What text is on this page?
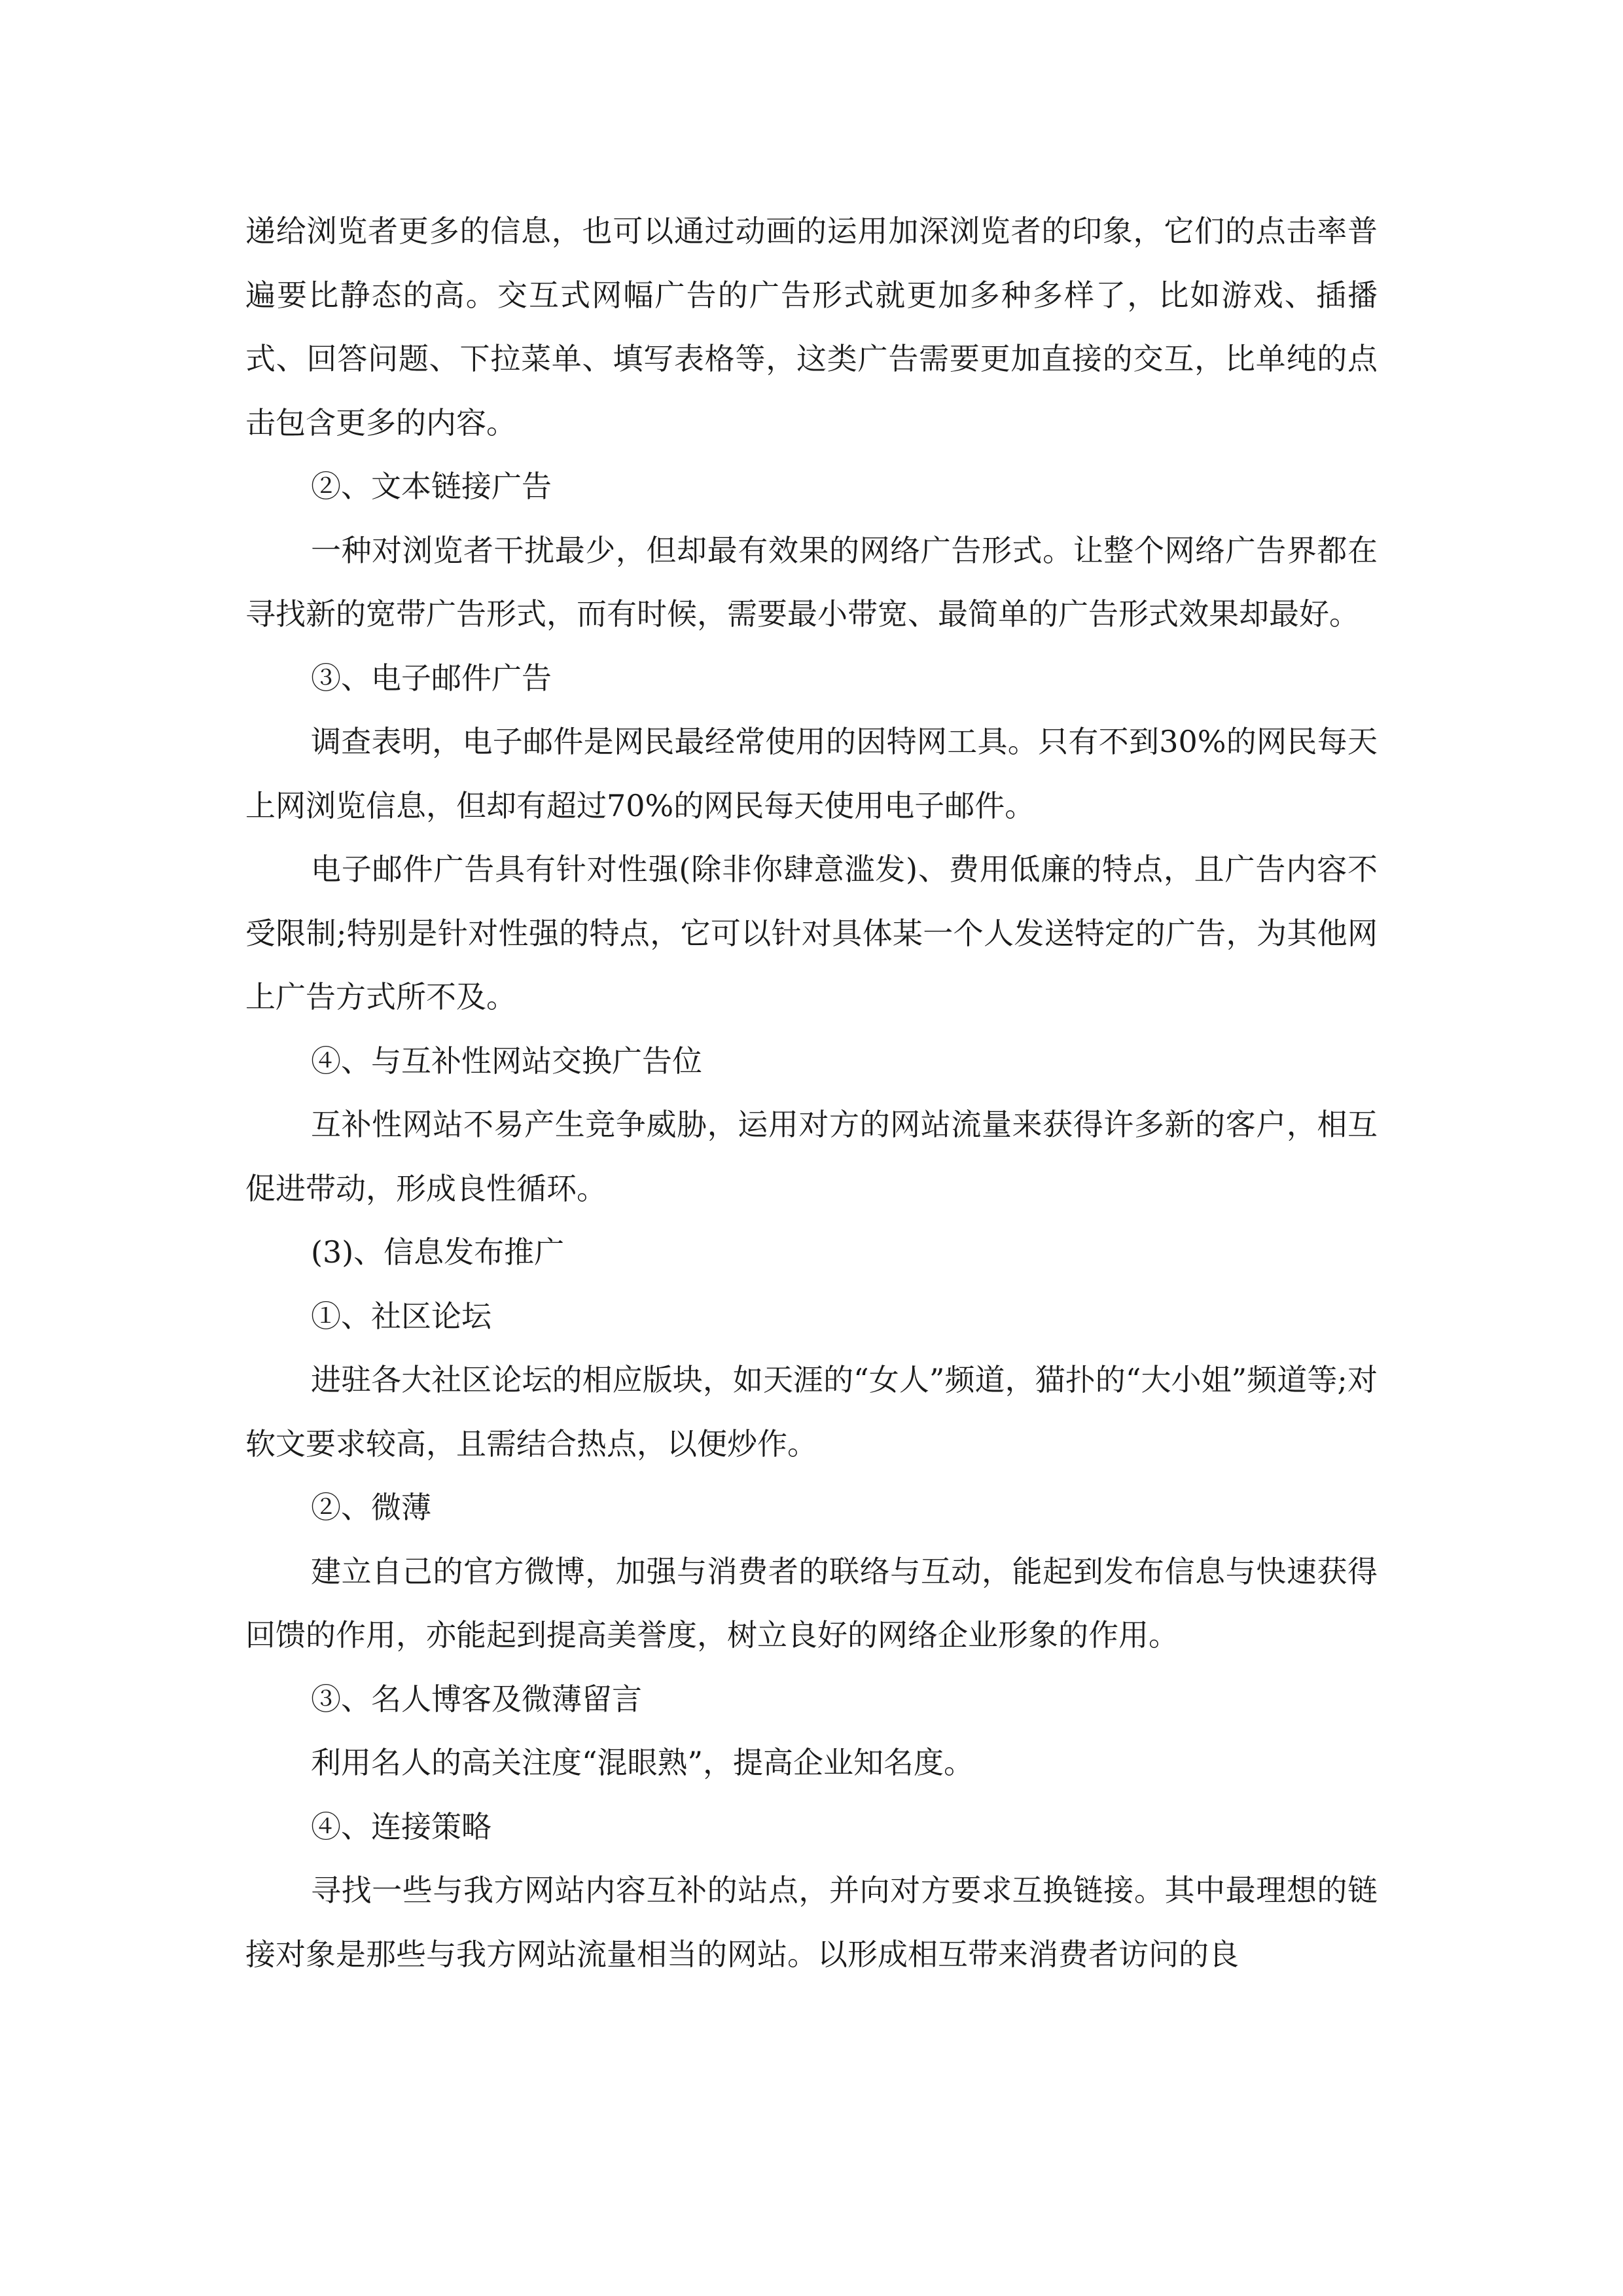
递给浏览者更多的信息，也可以通过动画的运用加深浏览者的印象，它们的点击率普遍要比静态的高。交互式网幅广告的广告形式就更加多种多样了，比如游戏、插播式、回答问题、下拉菜单、填写表格等，这类广告需要更加直接的交互，比单纯的点击包含更多的内容。

②、文本链接广告

一种对浏览者干扰最少，但却最有效果的网络广告形式。让整个网络广告界都在寻找新的宽带广告形式，而有时候，需要最小带宽、最简单的广告形式效果却最好。

③、电子邮件广告

调查表明，电子邮件是网民最经常使用的因特网工具。只有不到30%的网民每天上网浏览信息，但却有超过70%的网民每天使用电子邮件。

电子邮件广告具有针对性强(除非你肆意滥发)、费用低廉的特点，且广告内容不受限制;特别是针对性强的特点，它可以针对具体某一个人发送特定的广告，为其他网上广告方式所不及。

④、与互补性网站交换广告位

互补性网站不易产生竞争威胁，运用对方的网站流量来获得许多新的客户，相互促进带动，形成良性循环。

(3)、信息发布推广

①、社区论坛

进驻各大社区论坛的相应版块，如天涯的“女人”频道，猫扑的“大小姐”频道等;对软文要求较高，且需结合热点，以便炒作。

②、微薄

建立自己的官方微博，加强与消费者的联络与互动，能起到发布信息与快速获得回馈的作用，亦能起到提高美誉度，树立良好的网络企业形象的作用。

③、名人博客及微薄留言

利用名人的高关注度“混眼熟”，提高企业知名度。

④、连接策略

寻找一些与我方网站内容互补的站点，并向对方要求互换链接。其中最理想的链接对象是那些与我方网站流量相当的网站。以形成相互带来消费者访问的良
